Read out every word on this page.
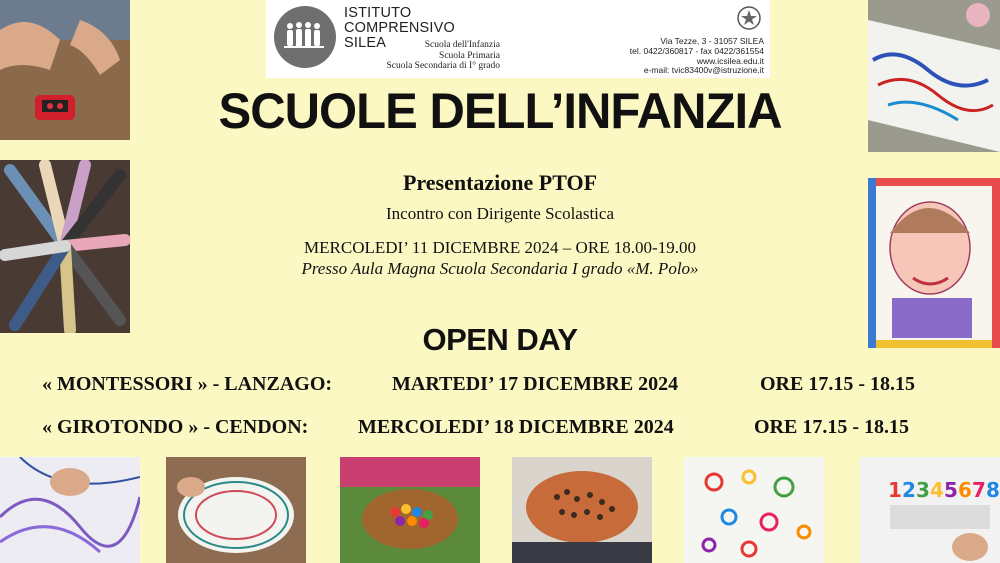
ISTITUTO
COMPRENSIVO
SILEA	Scuola dell'Infanzia
Scuola Primaria
Scuola Secondaria di I° grado
Via Tezze, 3 - 31057 SILEA
tel. 0422/360817 - fax 0422/361554
www.icsilea.edu.it
e-mail: tvic83400v@istruzione.it
SCUOLE DELL’INFANZIA
Presentazione PTOF
Incontro con Dirigente Scolastica
MERCOLEDI’ 11 DICEMBRE 2024 – ORE 18.00-19.00
Presso Aula Magna Scuola Secondaria I grado «M. Polo»
OPEN DAY
« MONTESSORI » - LANZAGO:	MARTEDI’ 17 DICEMBRE 2024	ORE 17.15 - 18.15
« GIROTONDO » - CENDON: MERCOLEDI’ 18 DICEMBRE 2024	ORE 17.15 - 18.15
1 2 3 4 5 6 7 8
